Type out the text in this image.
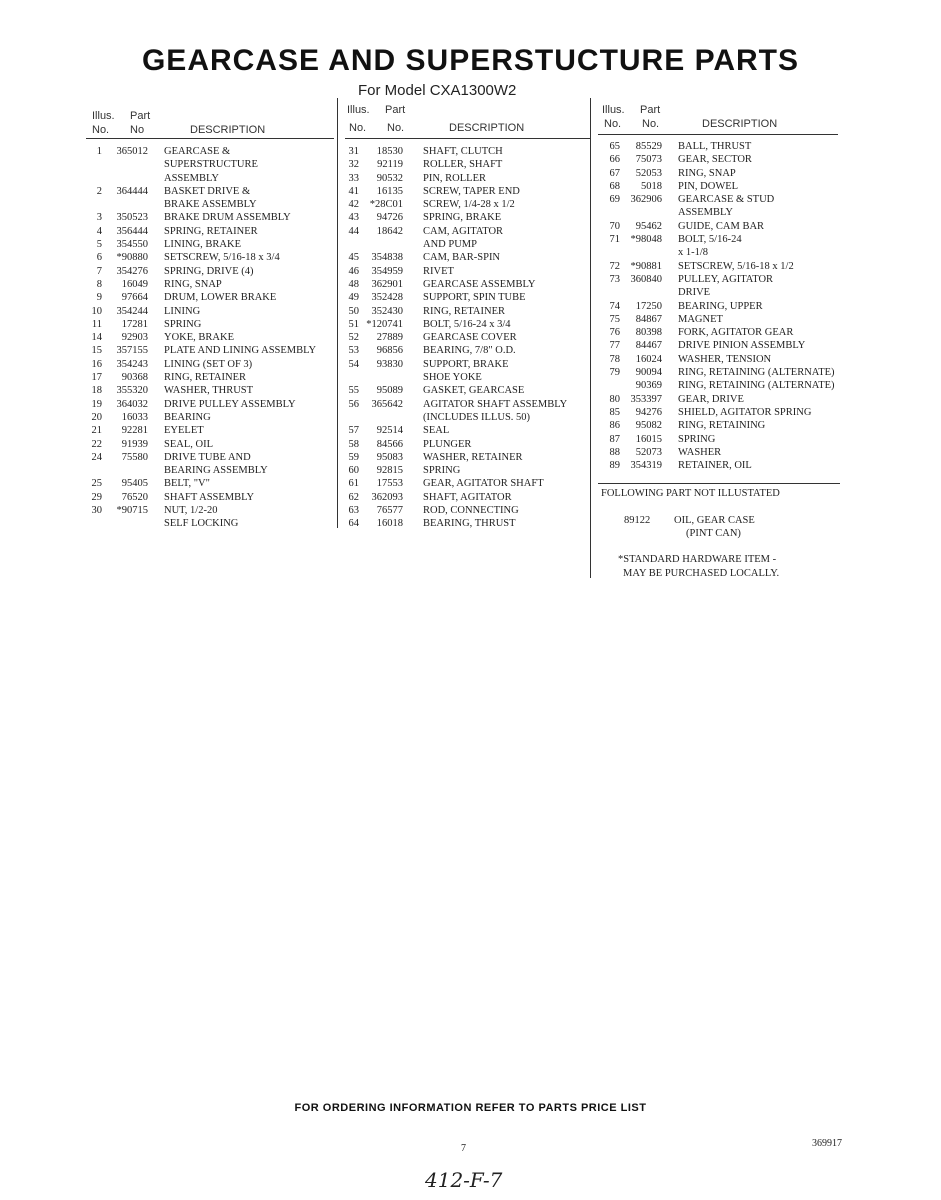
GEARCASE AND SUPERSTUCTURE PARTS
For Model CXA1300W2
Illus. Part
No. No	DESCRIPTION
1	365012 GEARCASE &
SUPERSTRUCTURE
ASSEMBLY
2	364444 BASKET DRIVE &
BRAKE ASSEMBLY
3	350523 BRAKE DRUM ASSEMBLY
4	356444 SPRING, RETAINER
5	354550 LINING, BRAKE
6	*90880 SETSCREW, 5/16-18 x 3/4
7	354276 SPRING, DRIVE (4)
8	16049 RING, SNAP
9	97664 DRUM, LOWER BRAKE
10	354244 LINING
11	17281 SPRING
14	92903 YOKE, BRAKE
15	357155 PLATE AND LINING ASSEMBLY
16	354243 LINING (SET OF 3)
17	90368 RING, RETAINER
18	355320 WASHER, THRUST
19	364032 DRIVE PULLEY ASSEMBLY
20	16033 BEARING
21	92281 EYELET
22	91939 SEAL, OIL
24	75580 DRIVE TUBE AND
BEARING ASSEMBLY
25	95405 BELT, "V"
29	76520 SHAFT ASSEMBLY
30	*90715 NUT, 1/2-20
SELF LOCKING
Illus. Part
No. No.	DESCRIPTION
31	18530 SHAFT, CLUTCH
32	92119 ROLLER, SHAFT
33	90532 PIN, ROLLER
41	16135 SCREW, TAPER END
42	*28C01 SCREW, 1/4-28 x 1/2
43	94726 SPRING, BRAKE
44	18642 CAM, AGITATOR
AND PUMP
45	354838 CAM, BAR-SPIN
46	354959 RIVET
48	362901 GEARCASE ASSEMBLY
49	352428 SUPPORT, SPIN TUBE
50	352430 RING, RETAINER
51 *120741 BOLT, 5/16-24 x 3/4
52	27889 GEARCASE COVER
53	96856 BEARING, 7/8" O.D.
54	93830 SUPPORT, BRAKE
SHOE YOKE
55	95089 GASKET, GEARCASE
56	365642 AGITATOR SHAFT ASSEMBLY
(INCLUDES ILLUS. 50)
57	92514 SEAL
58	84566 PLUNGER
59	95083 WASHER, RETAINER
60	92815 SPRING
61	17553 GEAR, AGITATOR SHAFT
62	362093 SHAFT, AGITATOR
63	76577 ROD, CONNECTING
64	16018 BEARING, THRUST
Illus. Part
No. No.	DESCRIPTION
65	85529 BALL, THRUST
66	75073 GEAR, SECTOR
67	52053 RING, SNAP
68	5018 PIN, DOWEL
69	362906 GEARCASE & STUD
ASSEMBLY
70	95462 GUIDE, CAM BAR
71	*98048 BOLT, 5/16-24
x 1-1/8
72	*90881 SETSCREW, 5/16-18 x 1/2
73	360840 PULLEY, AGITATOR
DRIVE
74	17250 BEARING, UPPER
75	84867 MAGNET
76	80398 FORK, AGITATOR GEAR
77	84467 DRIVE PINION ASSEMBLY
78	16024 WASHER, TENSION
79	90094 RING, RETAINING (ALTERNATE)
90369 RING, RETAINING (ALTERNATE)
80	353397 GEAR, DRIVE
85	94276 SHIELD, AGITATOR SPRING
86	95082 RING, RETAINING
87	16015 SPRING
88	52073 WASHER
89	354319 RETAINER, OIL
FOLLOWING PART NOT ILLUSTATED
89122 OIL, GEAR CASE
(PINT CAN)
*STANDARD HARDWARE ITEM -
MAY BE PURCHASED LOCALLY.
FOR ORDERING INFORMATION REFER TO PARTS PRICE LIST
7	369917
412-F-7
